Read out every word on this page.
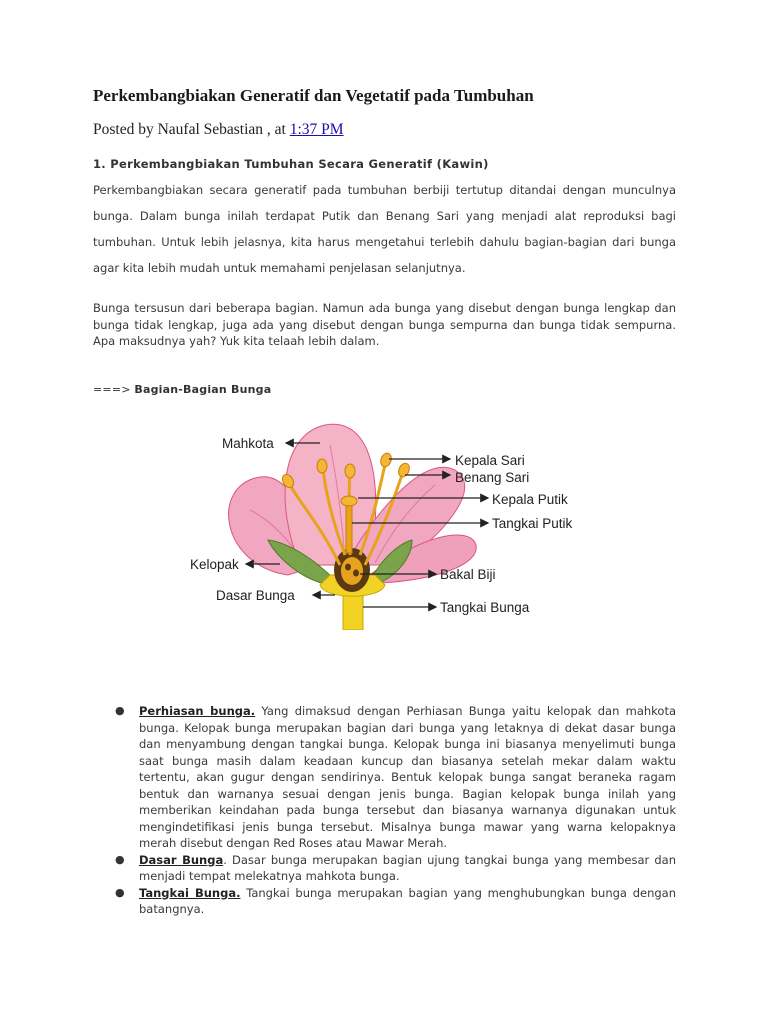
Perkembangbiakan Generatif dan Vegetatif pada Tumbuhan
Posted by Naufal Sebastian , at 1:37 PM
1. Perkembangbiakan Tumbuhan Secara Generatif (Kawin)

Perkembangbiakan secara generatif pada tumbuhan berbiji tertutup ditandai dengan munculnya bunga. Dalam bunga inilah terdapat Putik dan Benang Sari yang menjadi alat reproduksi bagi tumbuhan. Untuk lebih jelasnya, kita harus mengetahui terlebih dahulu bagian-bagian dari bunga agar kita lebih mudah untuk memahami penjelasan selanjutnya.

Bunga tersusun dari beberapa bagian. Namun ada bunga yang disebut dengan bunga lengkap dan bunga tidak lengkap, juga ada yang disebut dengan bunga sempurna dan bunga tidak sempurna. Apa maksudnya yah? Yuk kita telaah lebih dalam.

===> Bagian-Bagian Bunga

Mahkota
Kepala Sari
Benang Sari
Kepala Putik
Tangkai Putik
Kelopak
Bakal Biji
Dasar Bunga
Tangkai Bunga
● Perhiasan bunga. Yang dimaksud dengan Perhiasan Bunga yaitu kelopak dan mahkota bunga. Kelopak bunga merupakan bagian dari bunga yang letaknya di dekat dasar bunga dan menyambung dengan tangkai bunga. Kelopak bunga ini biasanya menyelimuti bunga saat bunga masih dalam keadaan kuncup dan biasanya setelah mekar dalam waktu tertentu, akan gugur dengan sendirinya. Bentuk kelopak bunga sangat beraneka ragam bentuk dan warnanya sesuai dengan jenis bunga. Bagian kelopak bunga inilah yang memberikan keindahan pada bunga tersebut dan biasanya warnanya digunakan untuk mengindetifikasi jenis bunga tersebut. Misalnya bunga mawar yang warna kelopaknya merah disebut dengan Red Roses atau Mawar Merah.
● Dasar Bunga. Dasar bunga merupakan bagian ujung tangkai bunga yang membesar dan menjadi tempat melekatnya mahkota bunga.
● Tangkai Bunga. Tangkai bunga merupakan bagian yang menghubungkan bunga dengan batangnya.
